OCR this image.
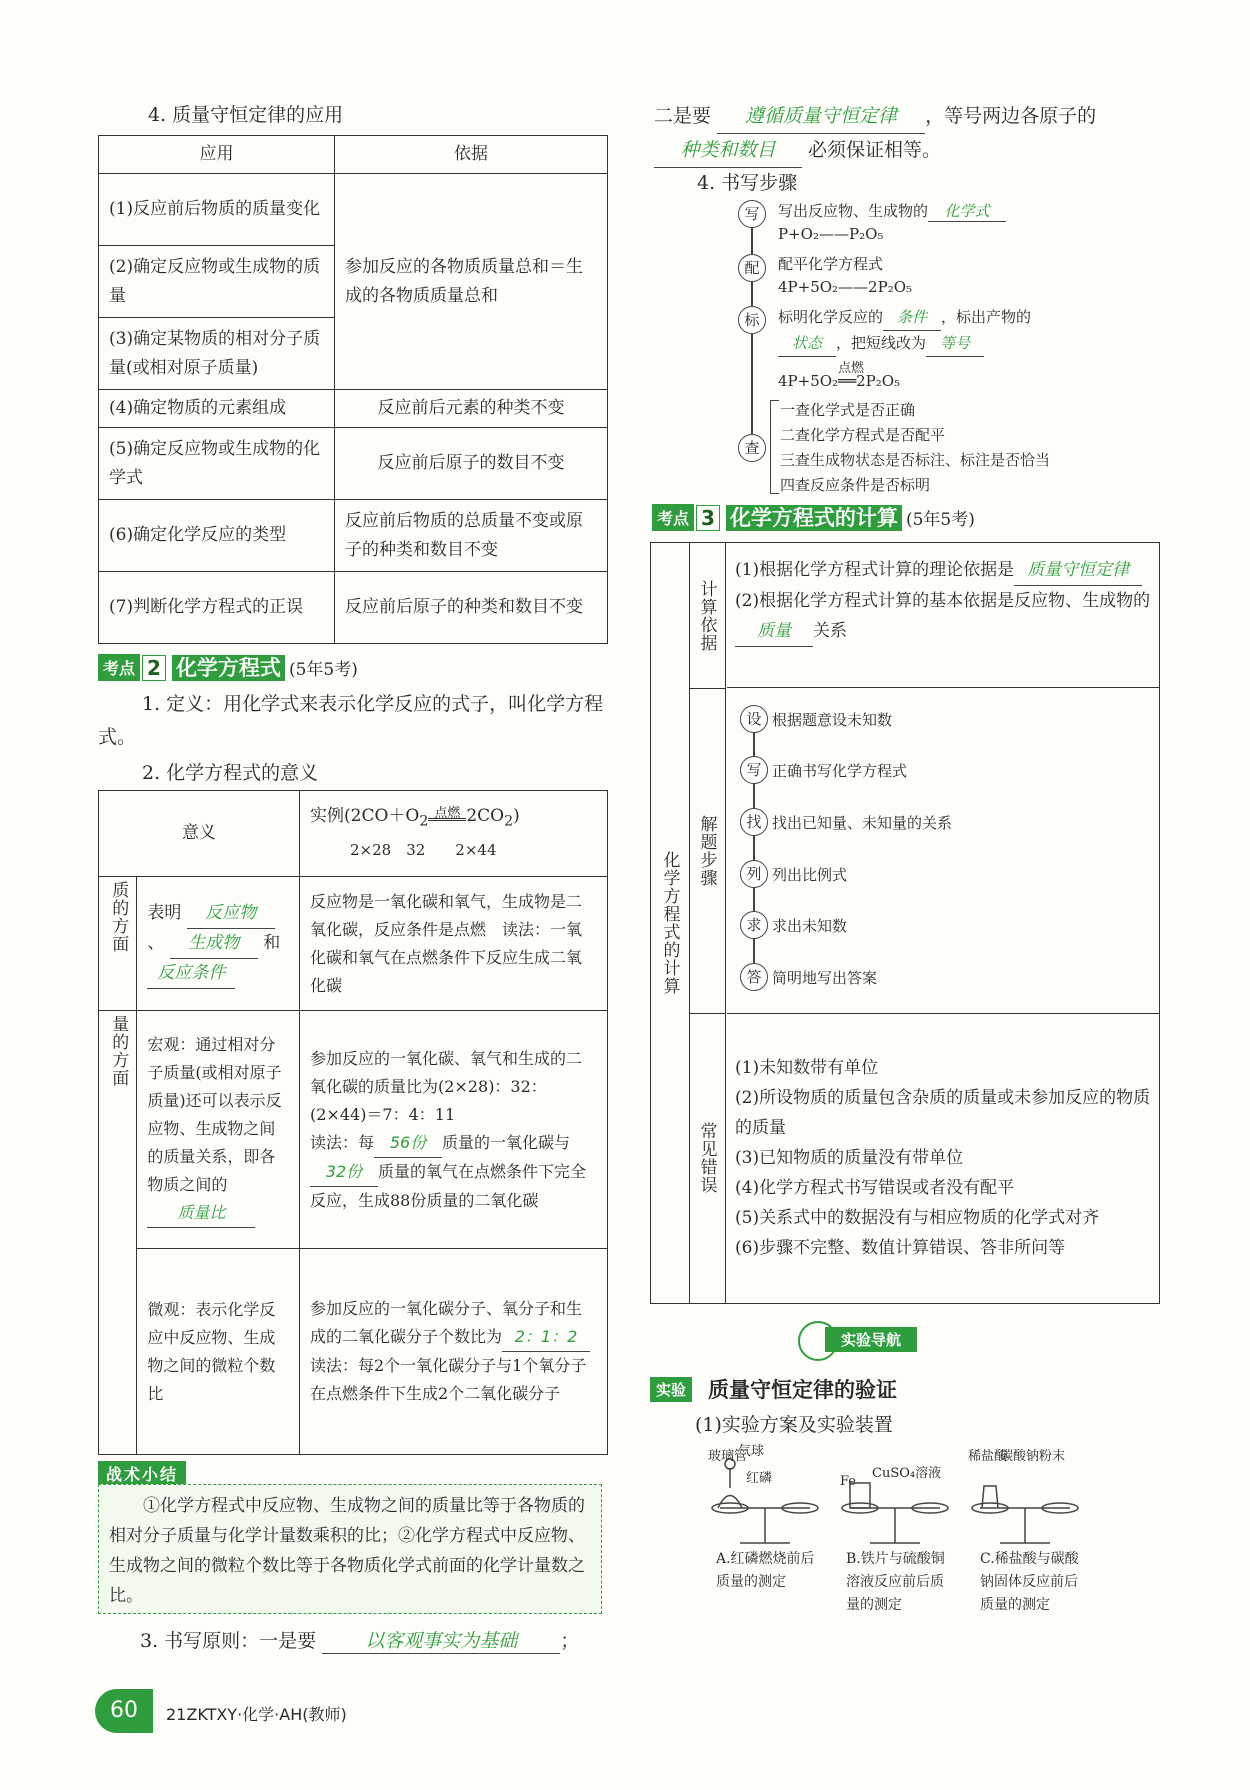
4. 质量守恒定律的应用
应用	依据
(1)反应前后物质的质量变化	参加反应的各物质质量总和＝生成的各物质质量总和
(2)确定反应物或生成物的质量	
(3)确定某物质的相对分子质量(或相对原子质量)	
(4)确定物质的元素组成	反应前后元素的种类不变
(5)确定反应物或生成物的化学式	反应前后原子的数目不变
(6)确定化学反应的类型	反应前后物质的总质量不变或原子的种类和数目不变
(7)判断化学方程式的正误	反应前后原子的种类和数目不变
考点 2 化学方程式 (5年5考)
1. 定义：用化学式来表示化学反应的式子，叫化学方程式。
2. 化学方程式的意义
意义		实例($2CO+O_2$ 点燃 $2CO_2$)
2×28　32　　2×44
质的方面	表明 反应物、 生成物 和 反应条件	反应物是一氧化碳和氧气，生成物是二氧化碳，反应条件是点燃　读法：一氧化碳和氧气在点燃条件下反应生成二氧化碳
量的方面	宏观：通过相对分子质量(或相对原子质量)还可以表示反应物、生成物之间的质量关系，即各物质之间的质量比	参加反应的一氧化碳、氧气和生成的二氧化碳的质量比为(2×28)：32：(2×44)＝7：4：11
读法：每 56份 质量的一氧化碳与32份 质量的氧气在点燃条件下完全反应，生成88份质量的二氧化碳
	微观：表示化学反应中反应物、生成物之间的微粒个数比	参加反应的一氧化碳分子、氧分子和生成的二氧化碳分子个数比为 2：1：2
读法：每2个一氧化碳分子与1个氧分子在点燃条件下生成2个二氧化碳分子
战术小结
①化学方程式中反应物、生成物之间的质量比等于各物质的相对分子质量与化学计量数乘积的比；②化学方程式中反应物、生成物之间的微粒个数比等于各物质化学式前面的化学计量数之比。
3. 书写原则：一是要	以客观事实为基础 ；
60	21ZKTXY·化学·AH(教师)
二是要 遵循质量守恒定律 ，等号两边各原子的
种类和数目 必须保证相等。
4. 书写步骤
写	写出反应物、生成物的 化学式
P+O₂——P₂O₅
配	配平化学方程式
4P+5O₂——2P₂O₅
标	标明化学反应的 条件 ，标出产物的
状态 ，把短线改为 等号
点燃
4P+5O₂══2P₂O₅
查
一查化学式是否正确
二查化学方程式是否配平
三查生成物状态是否标注、标注是否恰当
四查反应条件是否标明
考点 3 化学方程式的计算 (5年5考)
化学方程式的计算
计算依据
(1)根据化学方程式计算的理论依据是 质量守恒定律
(2)根据化学方程式计算的基本依据是反应物、生成物的质量 关系
解题步骤
设 根据题意设未知数
写 正确书写化学方程式
找 找出已知量、未知量的关系
列 列出比例式
求 求出未知数
答 简明地写出答案
常见错误
(1)未知数带有单位
(2)所设物质的质量包含杂质的质量或未参加反应的物质的质量
(3)已知物质的质量没有带单位
(4)化学方程式书写错误或者没有配平
(5)关系式中的数据没有与相应物质的化学式对齐
(6)步骤不完整、数值计算错误、答非所问等
实验导航
实验 质量守恒定律的验证
(1)实验方案及实验装置
玻璃管
气球
红磷	Fe
CuSO₄溶液
稀盐酸
碳酸钠粉末
A.红磷燃烧前后质量的测定
B.铁片与硫酸铜溶液反应前后质量的测定
C.稀盐酸与碳酸钠固体反应前后质量的测定
